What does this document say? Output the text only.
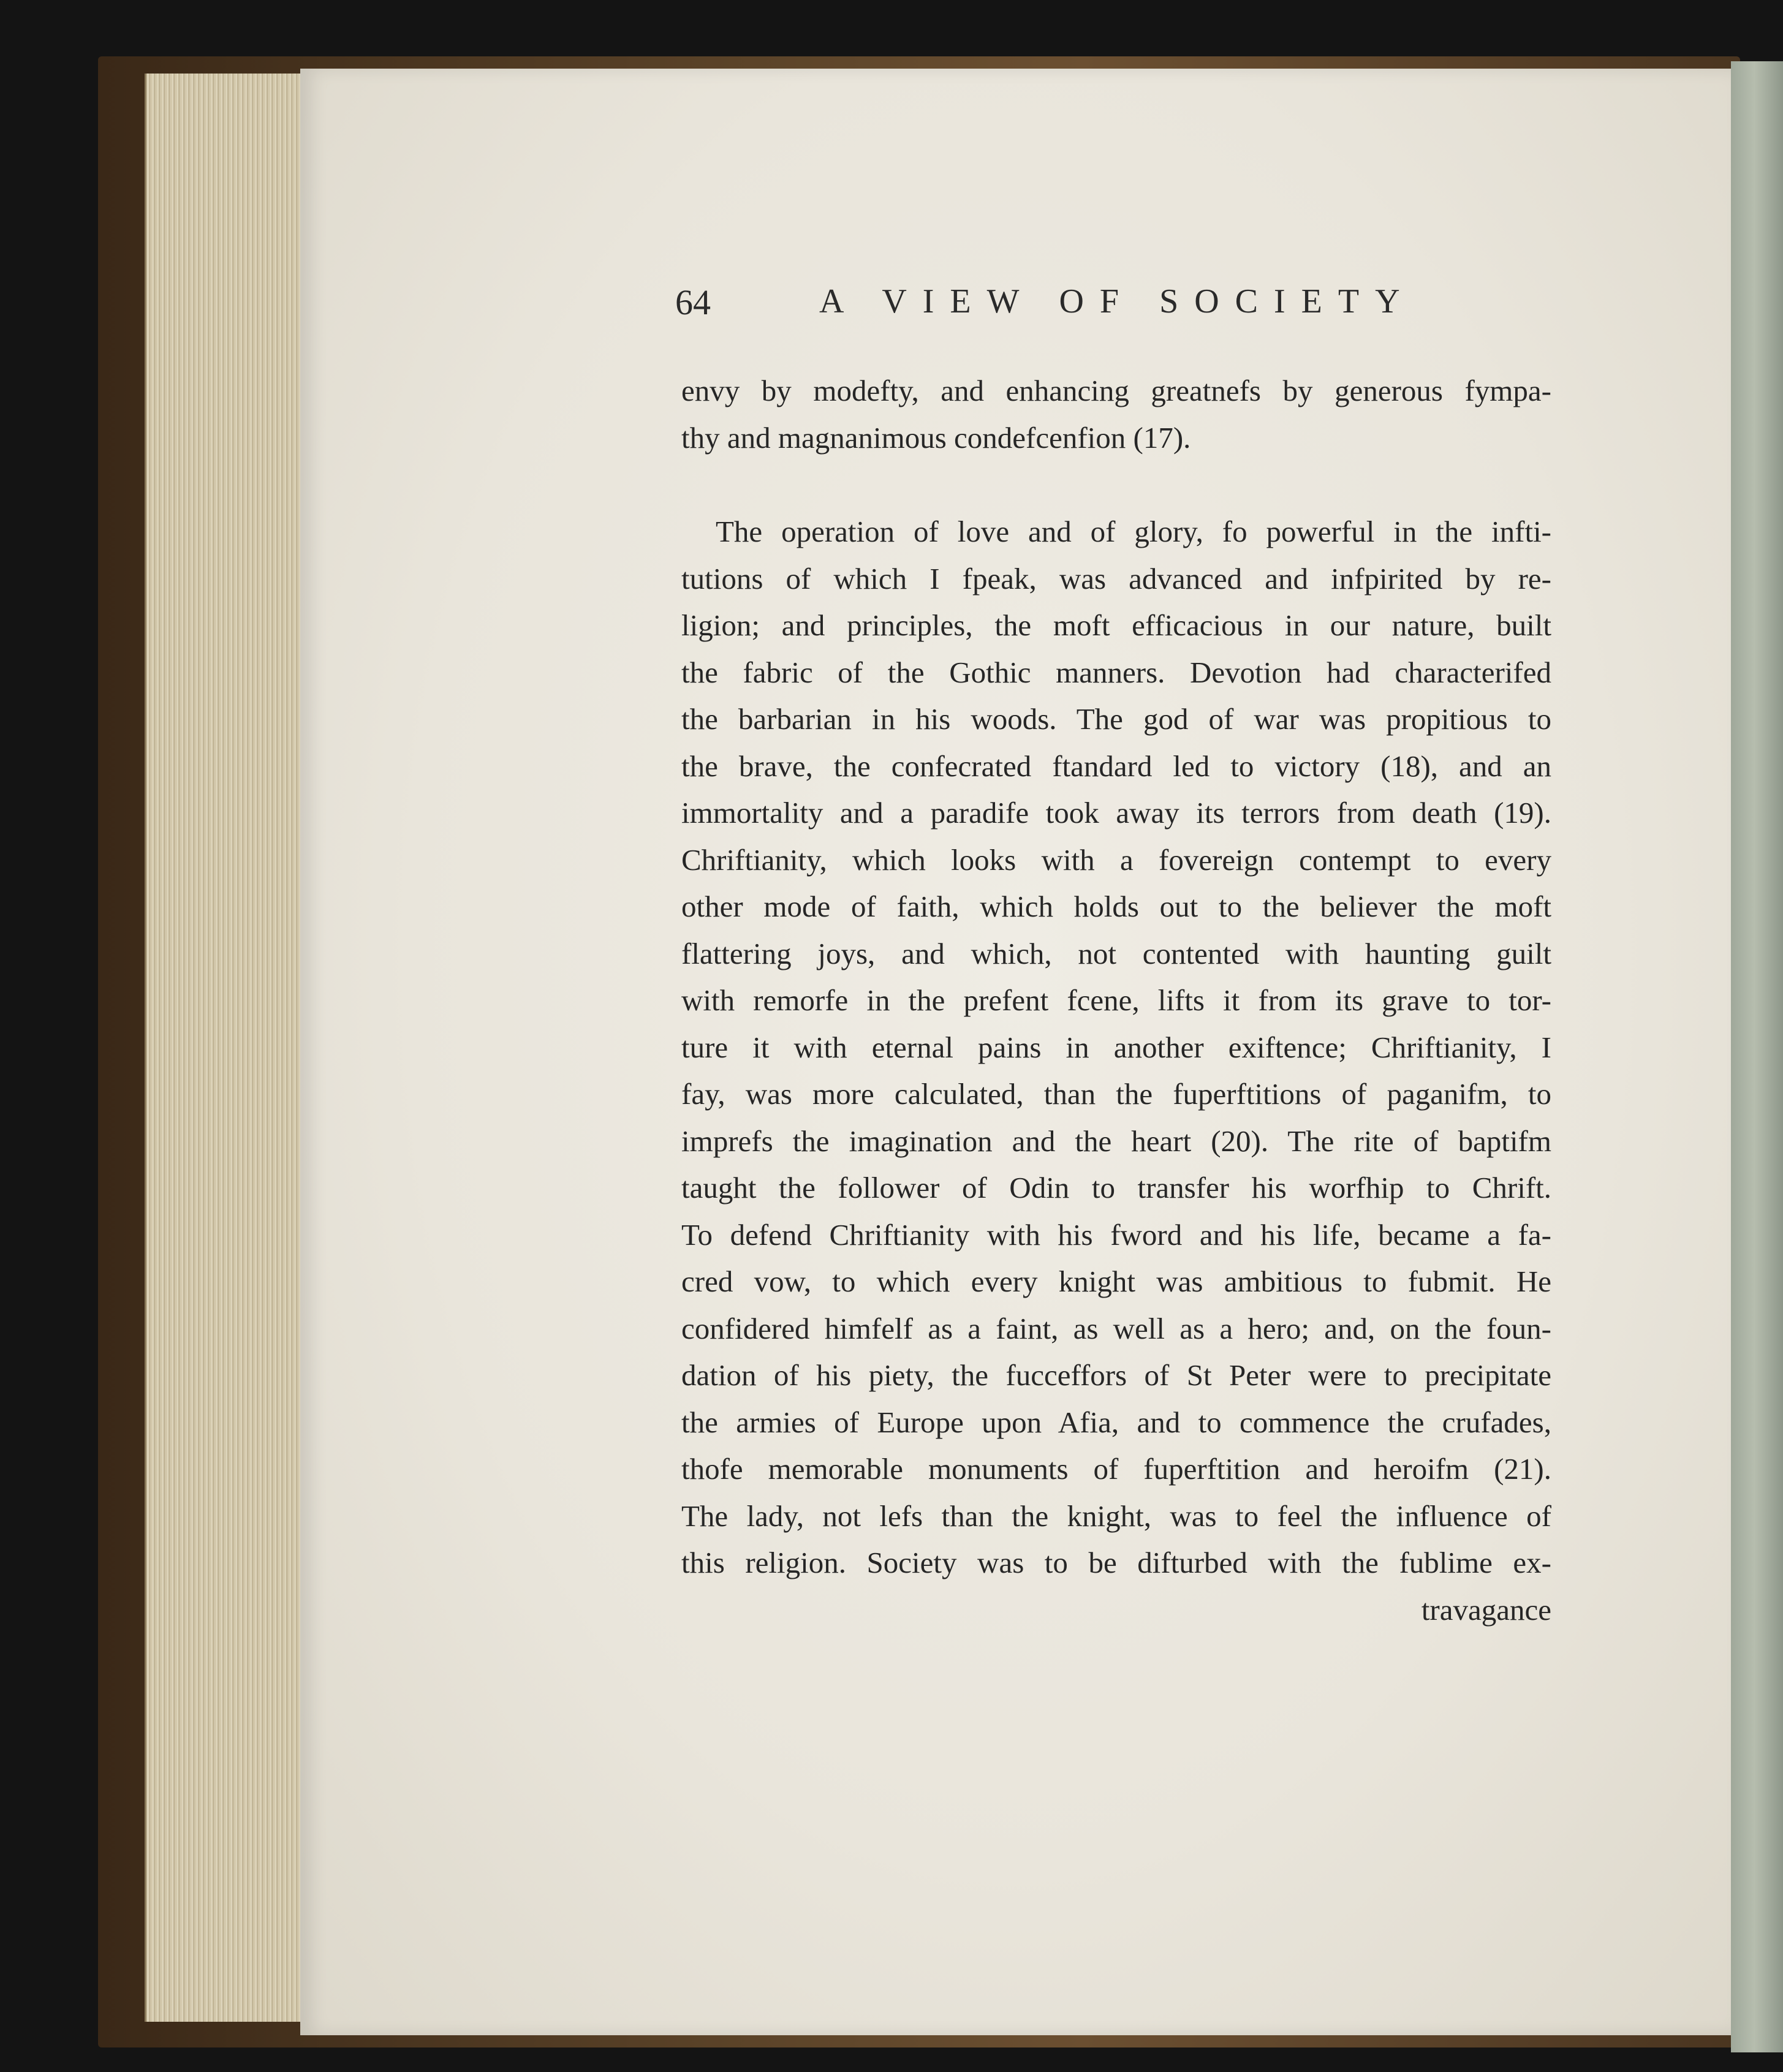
64	A VIEW OF SOCIETY
envy by modefty, and enhancing greatnefs by generous fympa-
thy and magnanimous condefcenfion (17).
The operation of love and of glory, fo powerful in the infti-
tutions of which I fpeak, was advanced and infpirited by re-
ligion; and principles, the moft efficacious in our nature, built
the fabric of the Gothic manners. Devotion had characterifed
the barbarian in his woods. The god of war was propitious to
the brave, the confecrated ftandard led to victory (18), and an
immortality and a paradife took away its terrors from death (19).
Chriftianity, which looks with a fovereign contempt to every
other mode of faith, which holds out to the believer the moft
flattering joys, and which, not contented with haunting guilt
with remorfe in the prefent fcene, lifts it from its grave to tor-
ture it with eternal pains in another exiftence; Chriftianity, I
fay, was more calculated, than the fuperftitions of paganifm, to
imprefs the imagination and the heart (20). The rite of baptifm
taught the follower of Odin to transfer his worfhip to Chrift.
To defend Chriftianity with his fword and his life, became a fa-
cred vow, to which every knight was ambitious to fubmit. He
confidered himfelf as a faint, as well as a hero; and, on the foun-
dation of his piety, the fucceffors of St Peter were to precipitate
the armies of Europe upon Afia, and to commence the crufades,
thofe memorable monuments of fuperftition and heroifm (21).
The lady, not lefs than the knight, was to feel the influence of
this religion. Society was to be difturbed with the fublime ex-
travagance
